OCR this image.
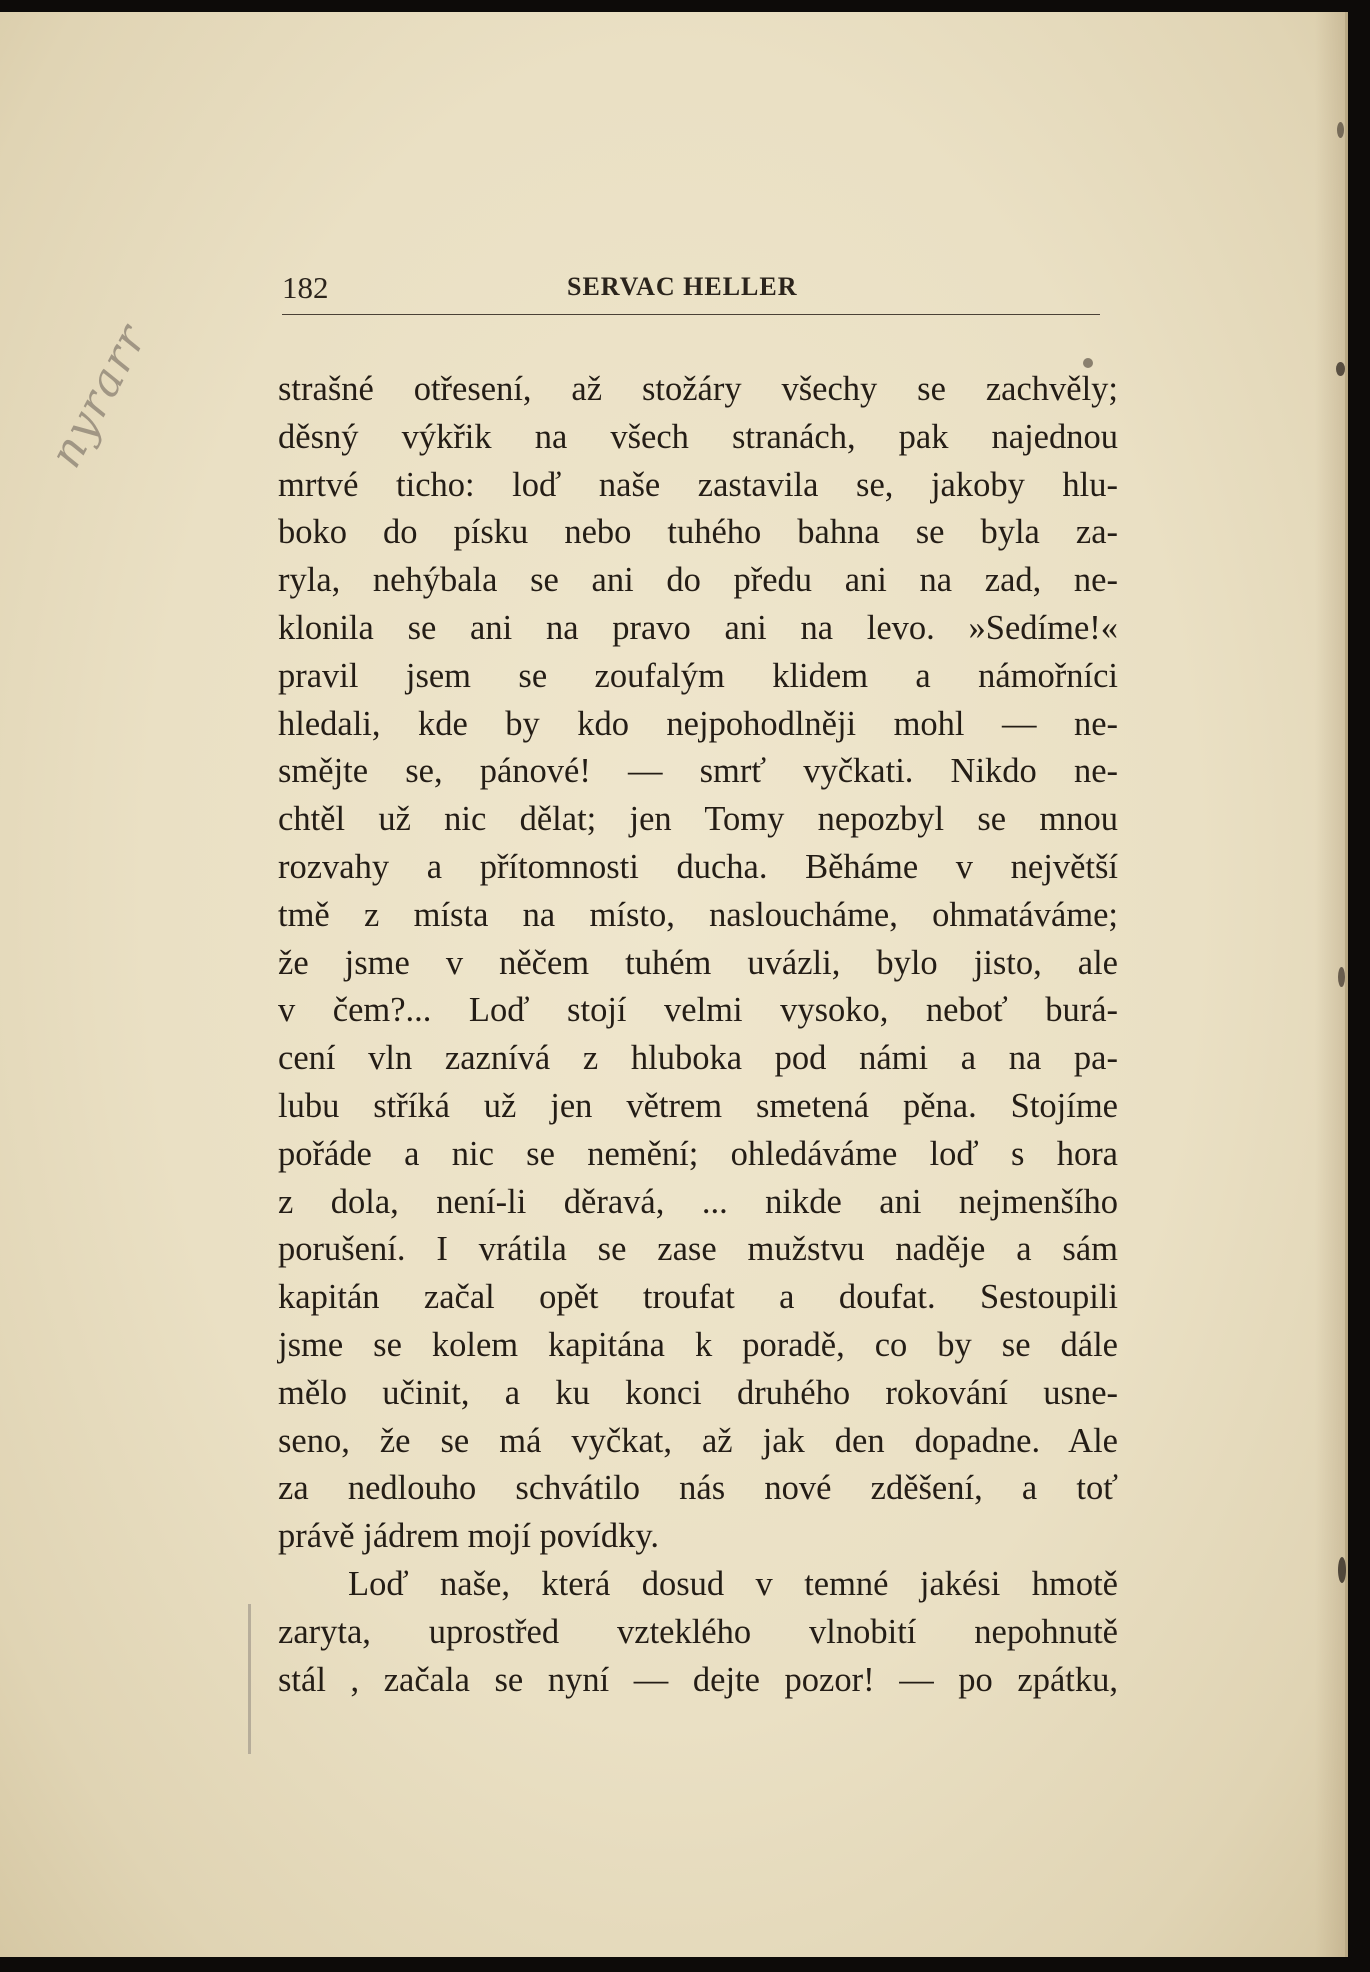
182	SERVAC HELLER
nyrarr	strašné otřesení, až stožáry všechy se zachvěly;
děsný výkřik na všech stranách, pak najednou
mrtvé ticho: loď naše zastavila se, jakoby hlu-
boko do písku nebo tuhého bahna se byla za-
ryla, nehýbala se ani do předu ani na zad, ne-
klonila se ani na pravo ani na levo. »Sedíme!«
pravil jsem se zoufalým klidem a námořníci
hledali, kde by kdo nejpohodlněji mohl — ne-
smějte se, pánové! — smrť vyčkati. Nikdo ne-
chtěl už nic dělat; jen Tomy nepozbyl se mnou
rozvahy a přítomnosti ducha. Běháme v největší
tmě z místa na místo, nasloucháme, ohmatáváme;
že jsme v něčem tuhém uvázli, bylo jisto, ale
v čem?... Loď stojí velmi vysoko, neboť burá-
cení vln zaznívá z hluboka pod námi a na pa-
lubu stříká už jen větrem smetená pěna. Stojíme
pořáde a nic se nemění; ohledáváme loď s hora
z dola, není-li děravá, ... nikde ani nejmenšího
porušení. I vrátila se zase mužstvu naděje a sám
kapitán začal opět troufat a doufat. Sestoupili
jsme se kolem kapitána k poradě, co by se dále
mělo učinit, a ku konci druhého rokování usne-
seno, že se má vyčkat, až jak den dopadne. Ale
za nedlouho schvátilo nás nové zděšení, a toť
právě jádrem mojí povídky.
Loď naše, která dosud v temné jakési hmotě
zaryta, uprostřed vzteklého vlnobití nepohnutě
stál , začala se nyní — dejte pozor! — po zpátku,
